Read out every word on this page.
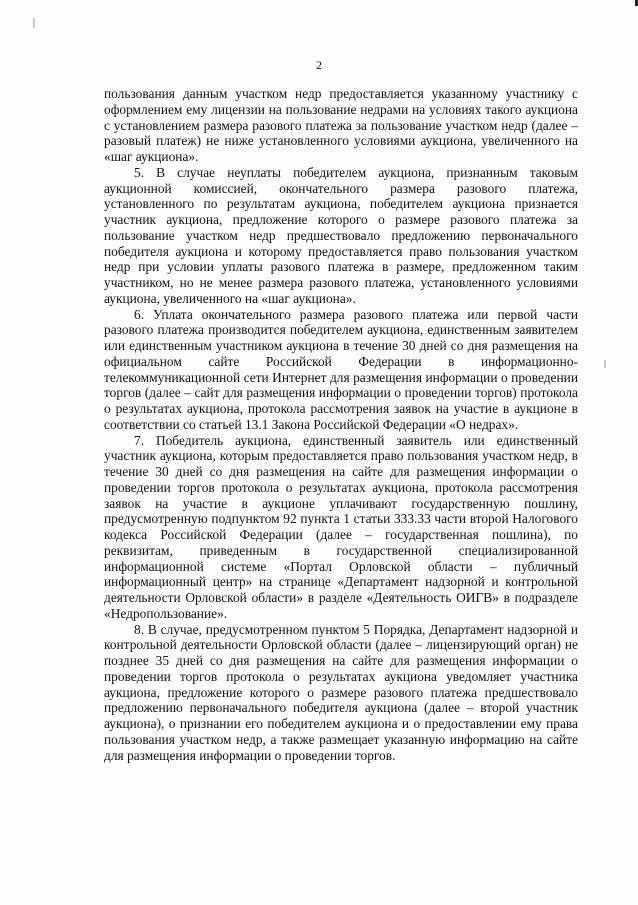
2

пользования данным участком недр предоставляется указанному участнику с оформлением ему лицензии на пользование недрами на условиях такого аукциона с установлением размера разового платежа за пользование участком недр (далее – разовый платеж) не ниже установленного условиями аукциона, увеличенного на «шаг аукциона».

5. В случае неуплаты победителем аукциона, признанным таковым аукционной комиссией, окончательного размера разового платежа, установленного по результатам аукциона, победителем аукциона признается участник аукциона, предложение которого о размере разового платежа за пользование участком недр предшествовало предложению первоначального победителя аукциона и которому предоставляется право пользования участком недр при условии уплаты разового платежа в размере, предложенном таким участником, но не менее размера разового платежа, установленного условиями аукциона, увеличенного на «шаг аукциона».

6. Уплата окончательного размера разового платежа или первой части разового платежа производится победителем аукциона, единственным заявителем или единственным участником аукциона в течение 30 дней со дня размещения на официальном сайте Российской Федерации в информационно-телекоммуникационной сети Интернет для размещения информации о проведении торгов (далее – сайт для размещения информации о проведении торгов) протокола о результатах аукциона, протокола рассмотрения заявок на участие в аукционе в соответствии со статьей 13.1 Закона Российской Федерации «О недрах».

7. Победитель аукциона, единственный заявитель или единственный участник аукциона, которым предоставляется право пользования участком недр, в течение 30 дней со дня размещения на сайте для размещения информации о проведении торгов протокола о результатах аукциона, протокола рассмотрения заявок на участие в аукционе уплачивают государственную пошлину, предусмотренную подпунктом 92 пункта 1 статьи 333.33 части второй Налогового кодекса Российской Федерации (далее – государственная пошлина), по реквизитам, приведенным в государственной специализированной информационной системе «Портал Орловской области – публичный информационный центр» на странице «Департамент надзорной и контрольной деятельности Орловской области» в разделе «Деятельность ОИГВ» в подразделе «Недропользование».

8. В случае, предусмотренном пунктом 5 Порядка, Департамент надзорной и контрольной деятельности Орловской области (далее – лицензирующий орган) не позднее 35 дней со дня размещения на сайте для размещения информации о проведении торгов протокола о результатах аукциона уведомляет участника аукциона, предложение которого о размере разового платежа предшествовало предложению первоначального победителя аукциона (далее – второй участник аукциона), о признании его победителем аукциона и о предоставлении ему права пользования участком недр, а также размещает указанную информацию на сайте для размещения информации о проведении торгов.
